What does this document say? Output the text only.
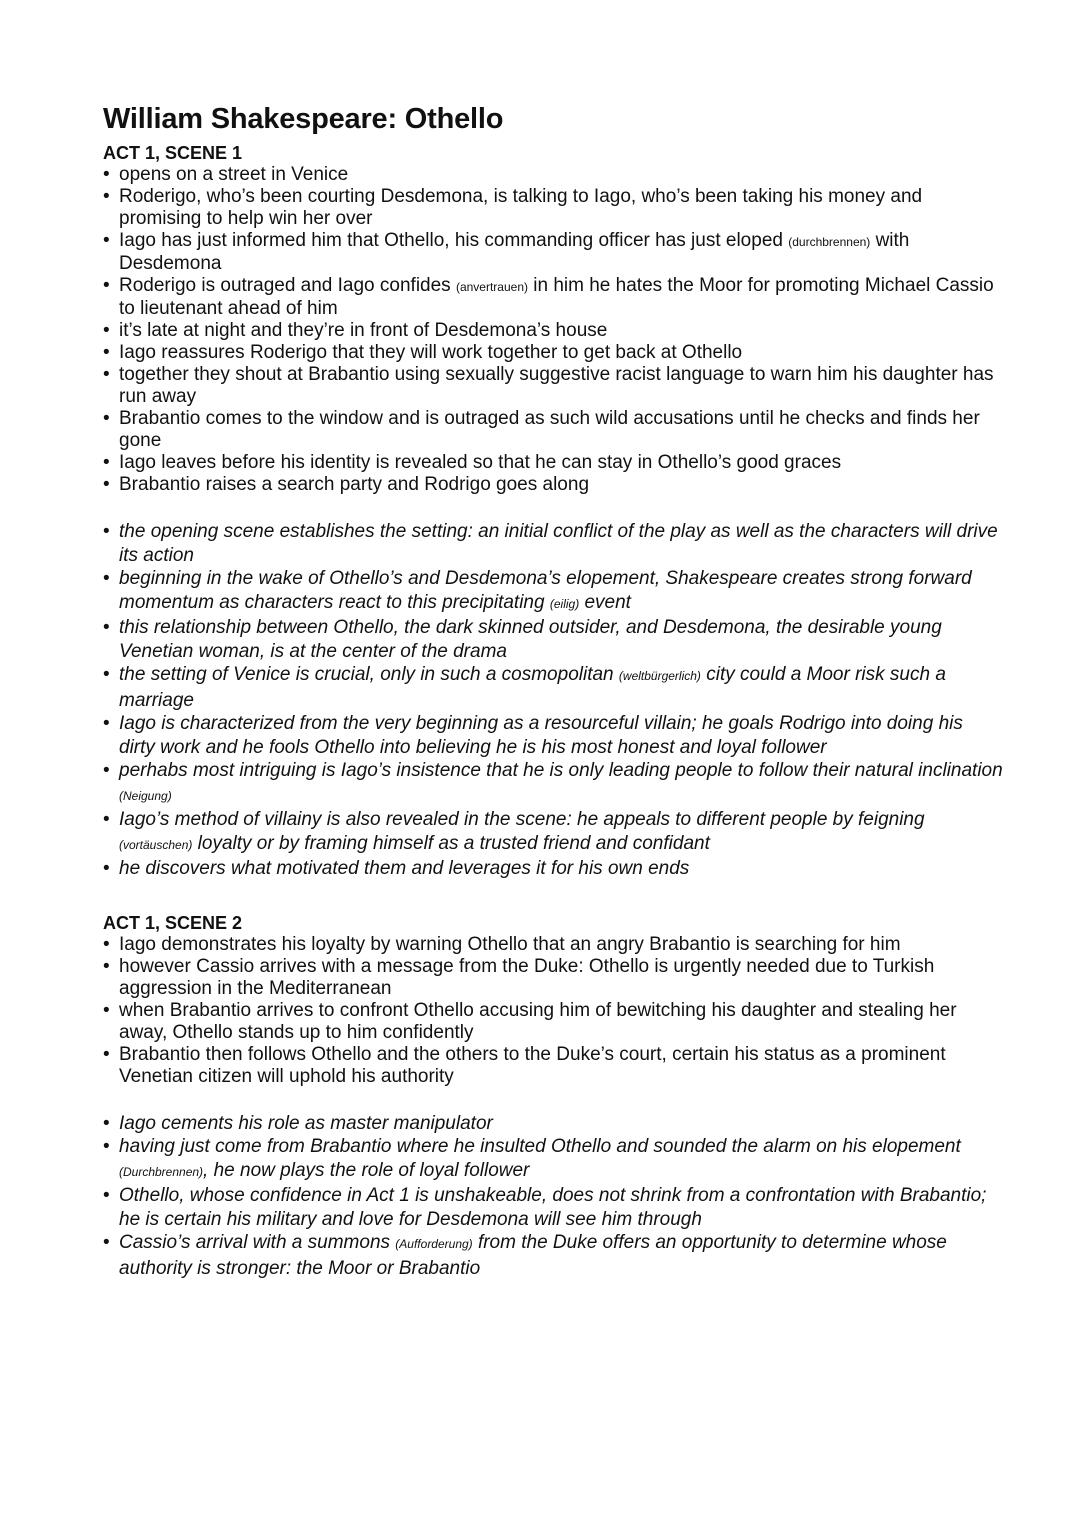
William Shakespeare: Othello
ACT 1, SCENE 1
• opens on a street in Venice
• Roderigo, who’s been courting Desdemona, is talking to Iago, who’s been taking his money and promising to help win her over
• Iago has just informed him that Othello, his commanding officer has just eloped (durchbrennen) with Desdemona
• Roderigo is outraged and Iago confides (anvertrauen) in him he hates the Moor for promoting Michael Cassio to lieutenant ahead of him
• it’s late at night and they’re in front of Desdemona’s house
• Iago reassures Roderigo that they will work together to get back at Othello
• together they shout at Brabantio using sexually suggestive racist language to warn him his daughter has run away
• Brabantio comes to the window and is outraged as such wild accusations until he checks and finds her gone
• Iago leaves before his identity is revealed so that he can stay in Othello’s good graces
• Brabantio raises a search party and Rodrigo goes along
• the opening scene establishes the setting: an initial conflict of the play as well as the characters will drive its action
• beginning in the wake of Othello’s and Desdemona’s elopement, Shakespeare creates strong forward momentum as characters react to this precipitating (eilig) event
• this relationship between Othello, the dark skinned outsider, and Desdemona, the desirable young Venetian woman, is at the center of the drama
• the setting of Venice is crucial, only in such a cosmopolitan (weltbürgerlich) city could a Moor risk such a marriage
• Iago is characterized from the very beginning as a resourceful villain; he goals Rodrigo into doing his dirty work and he fools Othello into believing he is his most honest and loyal follower
• perhabs most intriguing is Iago’s insistence that he is only leading people to follow their natural inclination (Neigung)
• Iago’s method of villainy is also revealed in the scene: he appeals to different people by feigning (vortäuschen) loyalty or by framing himself as a trusted friend and confidant
• he discovers what motivated them and leverages it for his own ends
ACT 1, SCENE 2
• Iago demonstrates his loyalty by warning Othello that an angry Brabantio is searching for him
• however Cassio arrives with a message from the Duke: Othello is urgently needed due to Turkish aggression in the Mediterranean
• when Brabantio arrives to confront Othello accusing him of bewitching his daughter and stealing her away, Othello stands up to him confidently
• Brabantio then follows Othello and the others to the Duke’s court, certain his status as a prominent Venetian citizen will uphold his authority
• Iago cements his role as master manipulator
• having just come from Brabantio where he insulted Othello and sounded the alarm on his elopement (Durchbrennen), he now plays the role of loyal follower
• Othello, whose confidence in Act 1 is unshakeable, does not shrink from a confrontation with Brabantio; he is certain his military and love for Desdemona will see him through
• Cassio’s arrival with a summons (Aufforderung) from the Duke offers an opportunity to determine whose authority is stronger: the Moor or Brabantio
